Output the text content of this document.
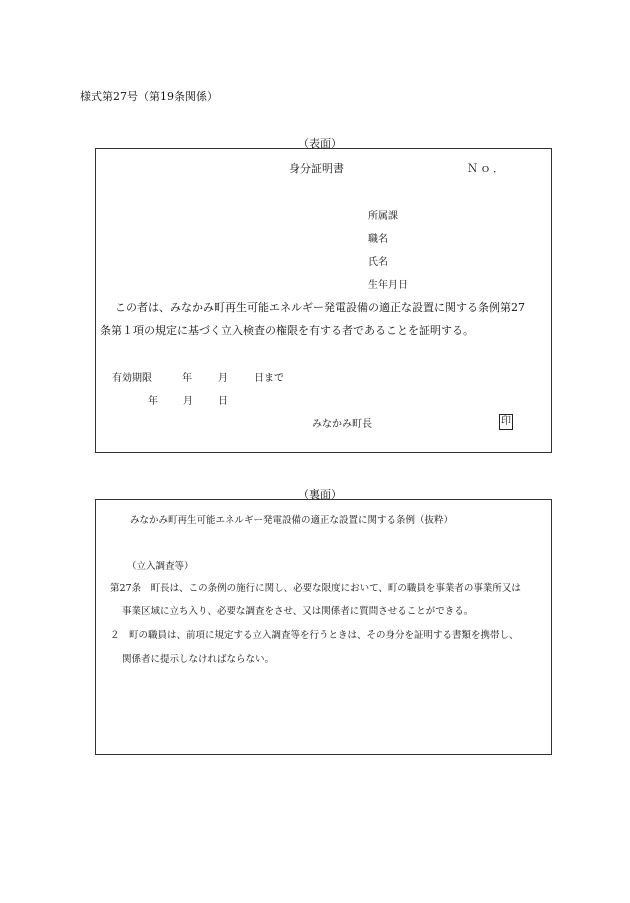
様式第27号（第19条関係）
（表面）
身分証明書	Ｎｏ．
所属課
職名
氏名
生年月日
この者は、みなかみ町再生可能エネルギー発電設備の適正な設置に関する条例第27
条第１項の規定に基づく立入検査の権限を有する者であることを証明する。
有効期限	年	月	日まで
年	月	日
みなかみ町長	印
（裏面）
みなかみ町再生可能エネルギー発電設備の適正な設置に関する条例（抜粋）
（立入調査等）
第27条　町長は、この条例の施行に関し、必要な限度において、町の職員を事業者の事業所又は
事業区域に立ち入り、必要な調査をさせ、又は関係者に質問させることができる。
２　町の職員は、前項に規定する立入調査等を行うときは、その身分を証明する書類を携帯し、
関係者に提示しなければならない。
